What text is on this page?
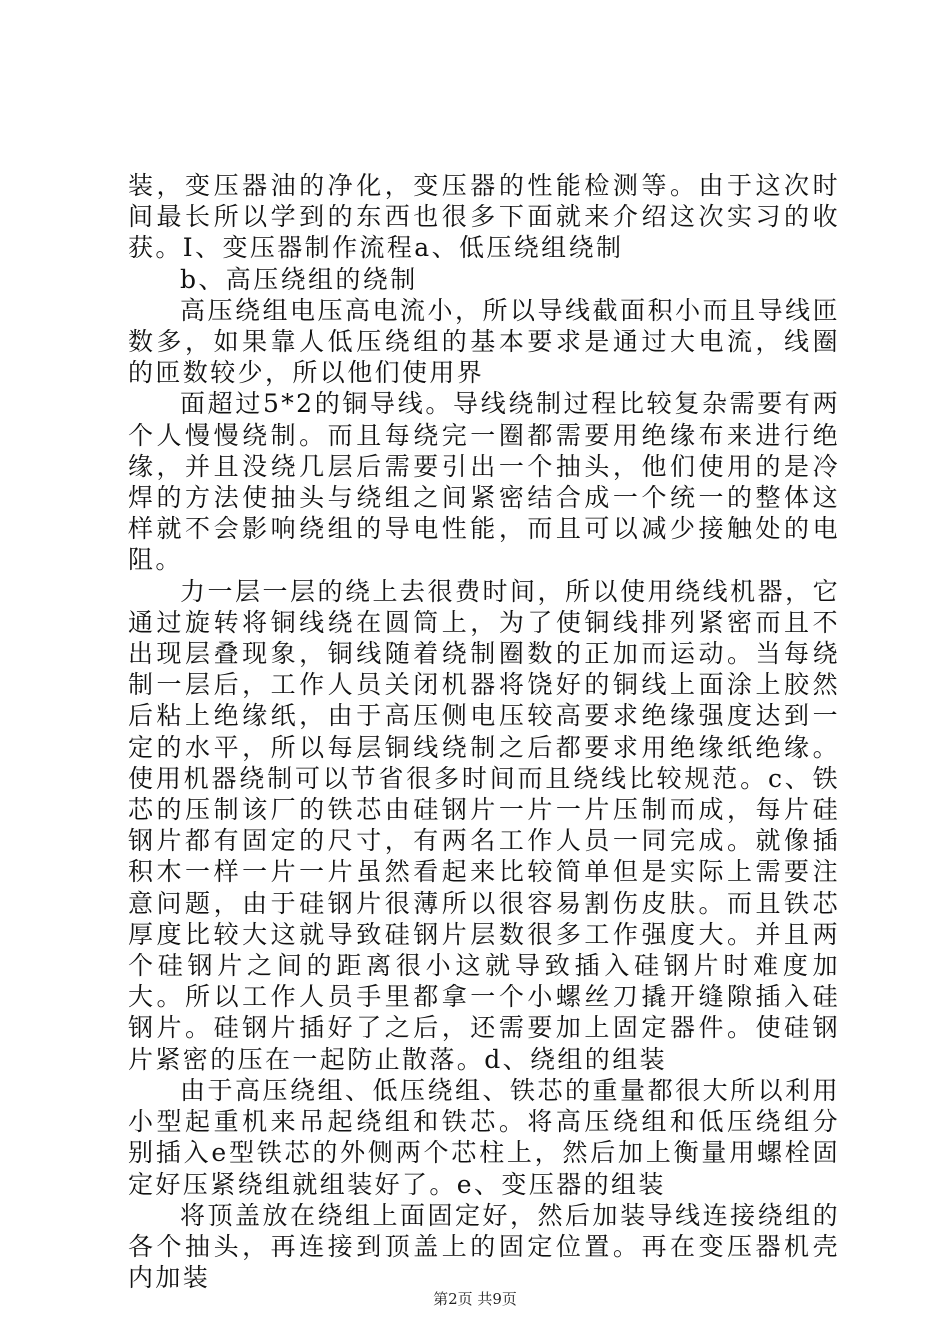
装，变压器油的净化，变压器的性能检测等。由于这次时间最长所以学到的东西也很多下面就来介绍这次实习的收获。Ⅰ、变压器制作流程a、低压绕组绕制

b、高压绕组的绕制

高压绕组电压高电流小，所以导线截面积小而且导线匝数多，如果靠人低压绕组的基本要求是通过大电流，线圈的匝数较少，所以他们使用界

面超过5*2的铜导线。导线绕制过程比较复杂需要有两个人慢慢绕制。而且每绕完一圈都需要用绝缘布来进行绝缘，并且没绕几层后需要引出一个抽头，他们使用的是冷焊的方法使抽头与绕组之间紧密结合成一个统一的整体这样就不会影响绕组的导电性能，而且可以减少接触处的电阻。

力一层一层的绕上去很费时间，所以使用绕线机器，它通过旋转将铜线绕在圆筒上，为了使铜线排列紧密而且不出现层叠现象，铜线随着绕制圈数的正加而运动。当每绕制一层后，工作人员关闭机器将饶好的铜线上面涂上胶然后粘上绝缘纸，由于高压侧电压较高要求绝缘强度达到一定的水平，所以每层铜线绕制之后都要求用绝缘纸绝缘。使用机器绕制可以节省很多时间而且绕线比较规范。c、铁芯的压制该厂的铁芯由硅钢片一片一片压制而成，每片硅钢片都有固定的尺寸，有两名工作人员一同完成。就像插积木一样一片一片虽然看起来比较简单但是实际上需要注意问题，由于硅钢片很薄所以很容易割伤皮肤。而且铁芯厚度比较大这就导致硅钢片层数很多工作强度大。并且两个硅钢片之间的距离很小这就导致插入硅钢片时难度加大。所以工作人员手里都拿一个小螺丝刀撬开缝隙插入硅钢片。硅钢片插好了之后，还需要加上固定器件。使硅钢片紧密的压在一起防止散落。d、绕组的组装

由于高压绕组、低压绕组、铁芯的重量都很大所以利用小型起重机来吊起绕组和铁芯。将高压绕组和低压绕组分别插入e型铁芯的外侧两个芯柱上，然后加上衡量用螺栓固定好压紧绕组就组装好了。e、变压器的组装

将顶盖放在绕组上面固定好，然后加装导线连接绕组的各个抽头，再连接到顶盖上的固定位置。再在变压器机壳内加装

第2页 共9页
